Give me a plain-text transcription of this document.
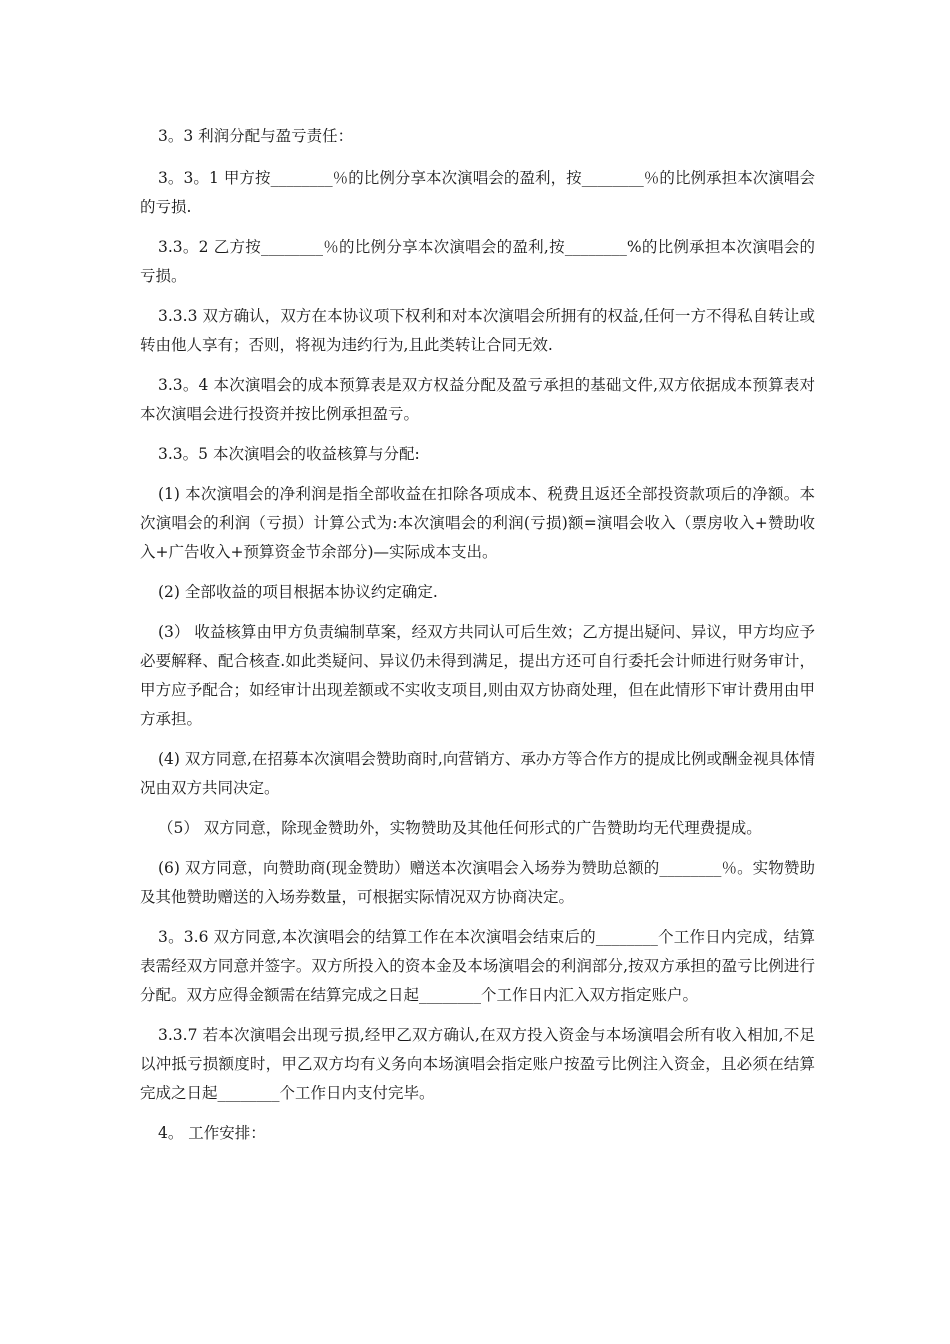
3。3 利润分配与盈亏责任：

3。3。1 甲方按________％的比例分享本次演唱会的盈利，按________％的比例承担本次演唱会的亏损.

3.3。2 乙方按________％的比例分享本次演唱会的盈利,按________%的比例承担本次演唱会的亏损。

3.3.3 双方确认，双方在本协议项下权利和对本次演唱会所拥有的权益,任何一方不得私自转让或转由他人享有；否则，将视为违约行为,且此类转让合同无效.

3.3。4 本次演唱会的成本预算表是双方权益分配及盈亏承担的基础文件,双方依据成本预算表对本次演唱会进行投资并按比例承担盈亏。

3.3。5 本次演唱会的收益核算与分配:

(1) 本次演唱会的净利润是指全部收益在扣除各项成本、税费且返还全部投资款项后的净额。本次演唱会的利润（亏损）计算公式为:本次演唱会的利润(亏损)额=演唱会收入（票房收入+赞助收入+广告收入+预算资金节余部分)—实际成本支出。

(2) 全部收益的项目根据本协议约定确定.

(3） 收益核算由甲方负责编制草案，经双方共同认可后生效；乙方提出疑问、异议，甲方均应予必要解释、配合核查.如此类疑问、异议仍未得到满足，提出方还可自行委托会计师进行财务审计，甲方应予配合；如经审计出现差额或不实收支项目,则由双方协商处理，但在此情形下审计费用由甲方承担。

(4) 双方同意,在招募本次演唱会赞助商时,向营销方、承办方等合作方的提成比例或酬金视具体情况由双方共同决定。

（5） 双方同意，除现金赞助外，实物赞助及其他任何形式的广告赞助均无代理费提成。

(6) 双方同意，向赞助商(现金赞助）赠送本次演唱会入场券为赞助总额的________％。实物赞助及其他赞助赠送的入场券数量，可根据实际情况双方协商决定。

3。3.6 双方同意,本次演唱会的结算工作在本次演唱会结束后的________个工作日内完成，结算表需经双方同意并签字。双方所投入的资本金及本场演唱会的利润部分,按双方承担的盈亏比例进行分配。双方应得金额需在结算完成之日起________个工作日内汇入双方指定账户。

3.3.7 若本次演唱会出现亏损,经甲乙双方确认,在双方投入资金与本场演唱会所有收入相加,不足以冲抵亏损额度时，甲乙双方均有义务向本场演唱会指定账户按盈亏比例注入资金，且必须在结算完成之日起________个工作日内支付完毕。

4。 工作安排：
